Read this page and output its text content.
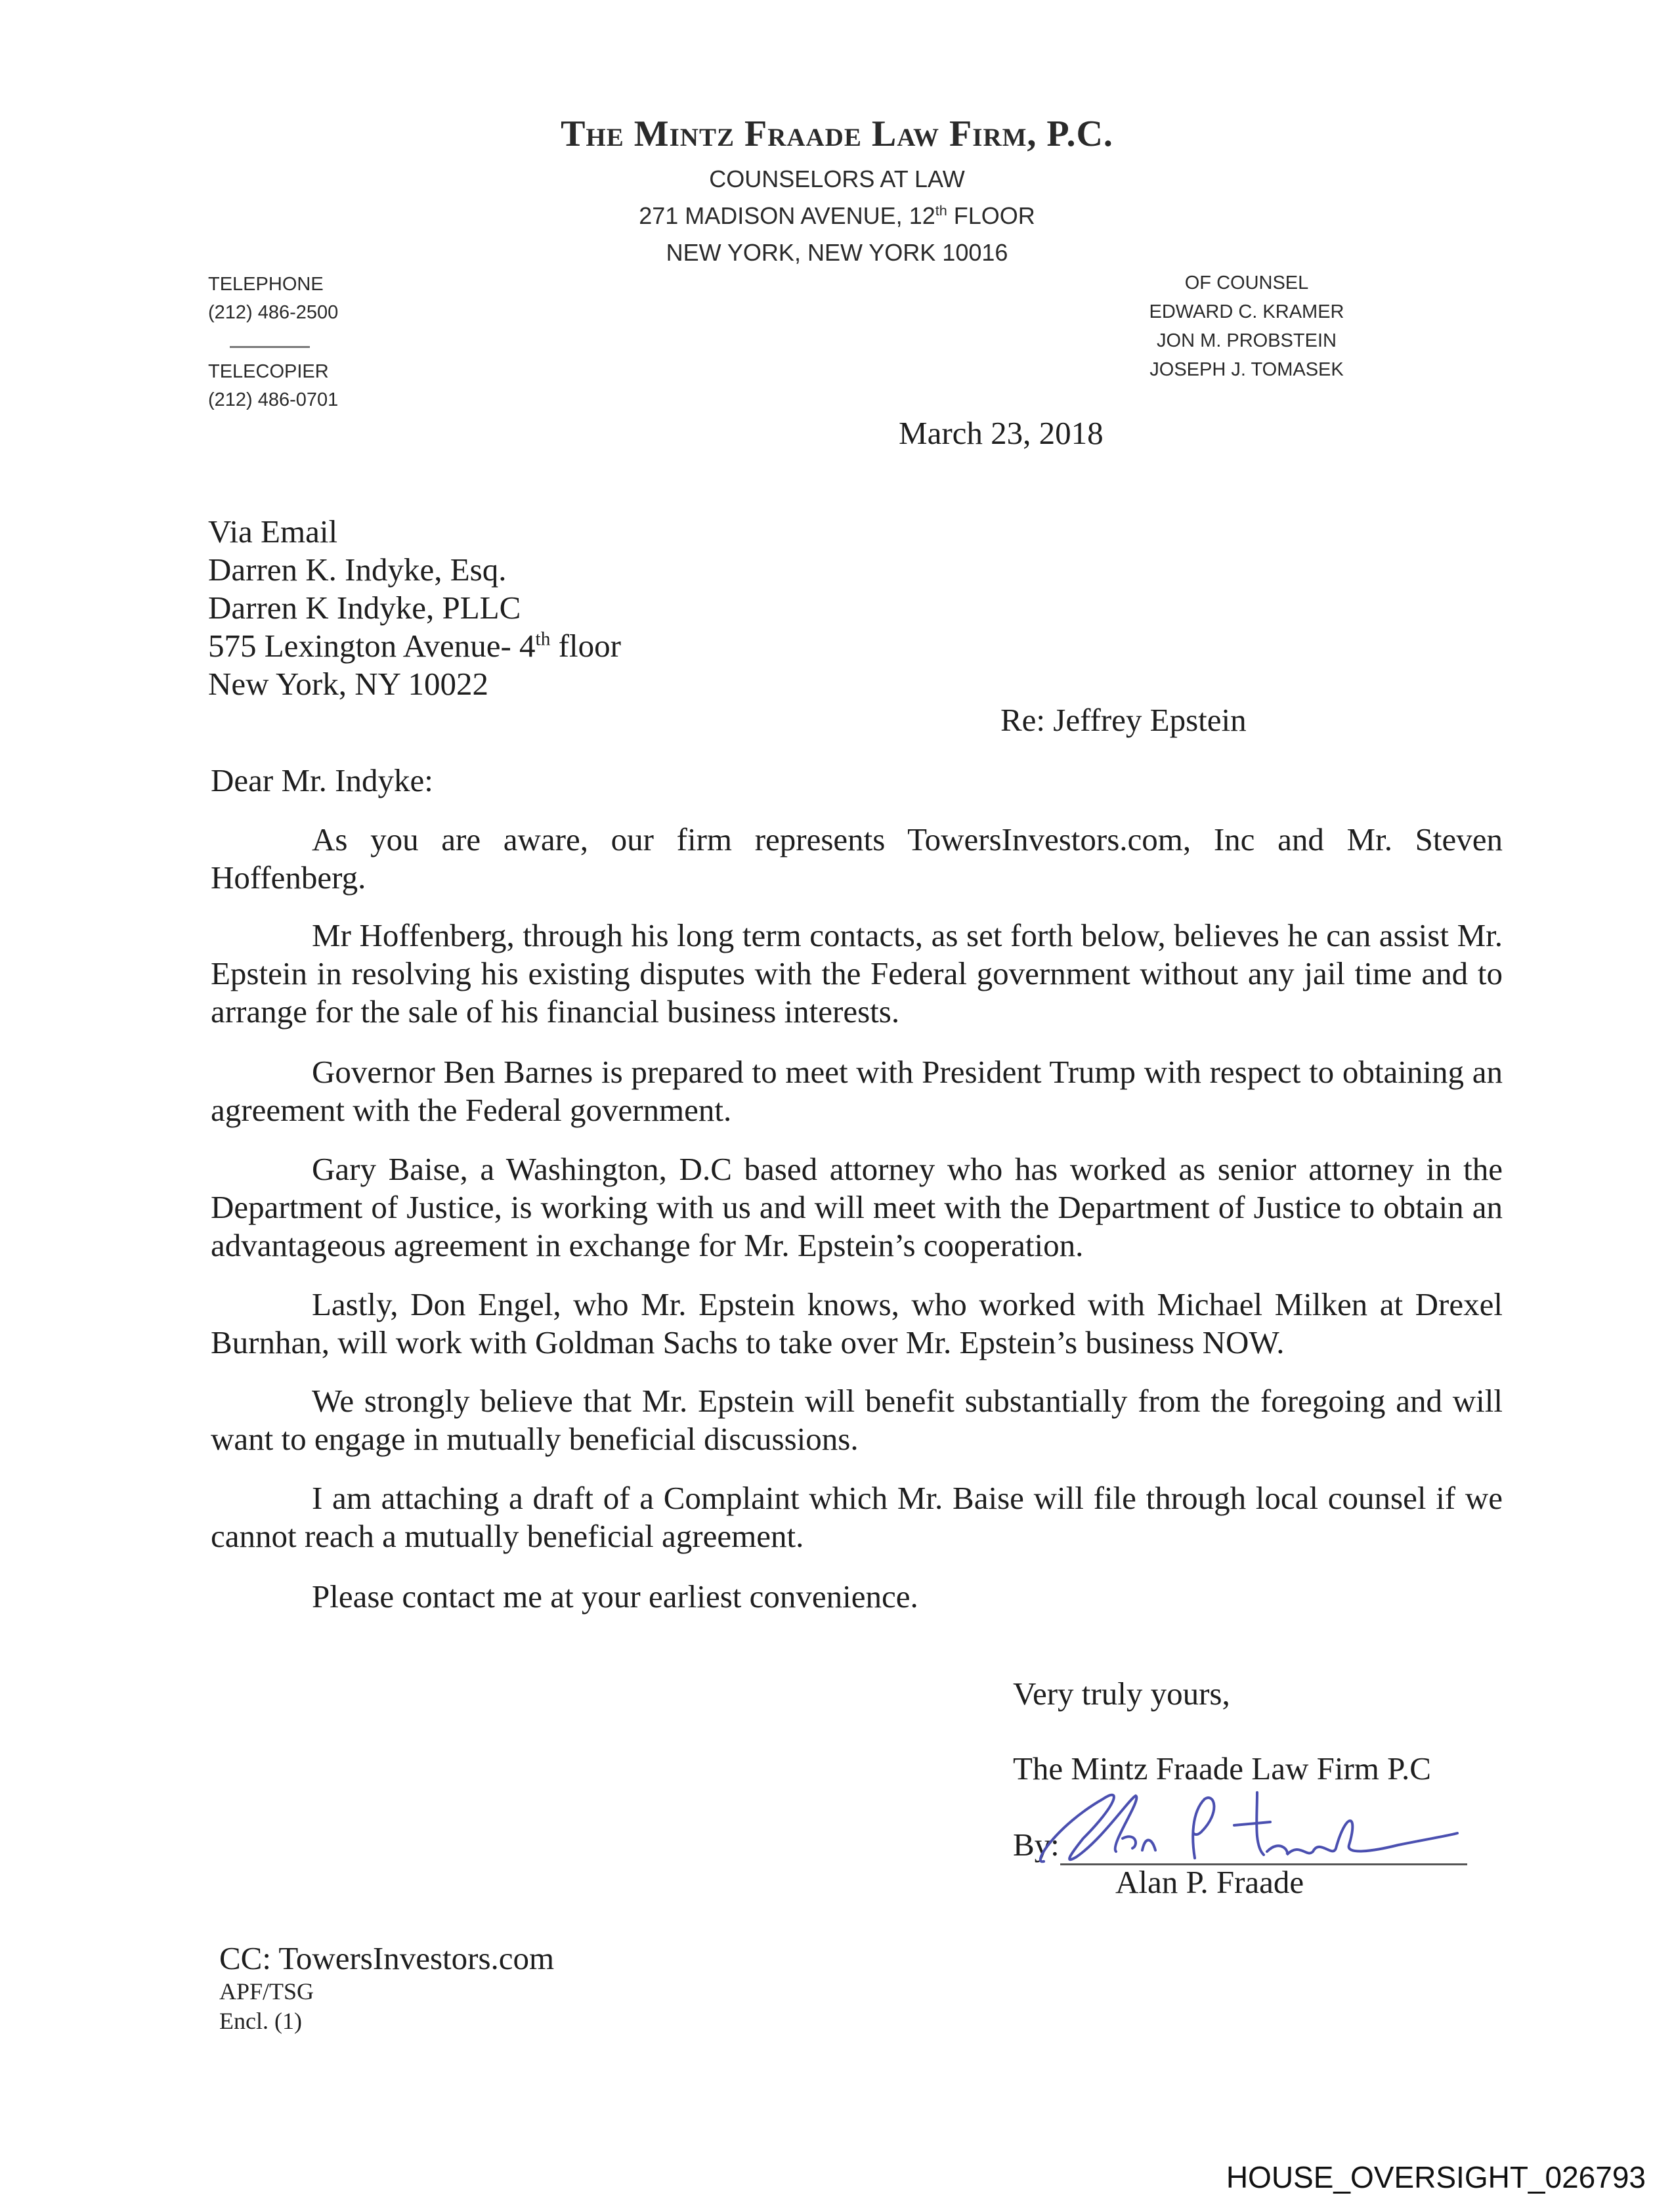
The Mintz Fraade Law Firm, P.C.
COUNSELORS AT LAW
271 MADISON AVENUE, 12th FLOOR
NEW YORK, NEW YORK 10016
TELEPHONE
(212) 486-2500
TELECOPIER
(212) 486-0701
OF COUNSEL
EDWARD C. KRAMER
JON M. PROBSTEIN
JOSEPH J. TOMASEK
March 23, 2018
Via Email
Darren K. Indyke, Esq.
Darren K Indyke, PLLC
575 Lexington Avenue- 4th floor
New York, NY 10022
Re: Jeffrey Epstein
Dear Mr. Indyke:
As you are aware, our firm represents TowersInvestors.com, Inc and Mr. Steven Hoffenberg.
Mr Hoffenberg, through his long term contacts, as set forth below, believes he can assist Mr. Epstein in resolving his existing disputes with the Federal government without any jail time and to arrange for the sale of his financial business interests.
Governor Ben Barnes is prepared to meet with President Trump with respect to obtaining an agreement with the Federal government.
Gary Baise, a Washington, D.C based attorney who has worked as senior attorney in the Department of Justice, is working with us and will meet with the Department of Justice to obtain an advantageous agreement in exchange for Mr. Epstein’s cooperation.
Lastly, Don Engel, who Mr. Epstein knows, who worked with Michael Milken at Drexel Burnhan, will work with Goldman Sachs to take over Mr. Epstein’s business NOW.
We strongly believe that Mr. Epstein will benefit substantially from the foregoing and will want to engage in mutually beneficial discussions.
I am attaching a draft of a Complaint which Mr. Baise will file through local counsel if we cannot reach a mutually beneficial agreement.
Please contact me at your earliest convenience.
Very truly yours,
The Mintz Fraade Law Firm P.C
By:
Alan P. Fraade
CC: TowersInvestors.com
APF/TSG
Encl. (1)
HOUSE_OVERSIGHT_026793
